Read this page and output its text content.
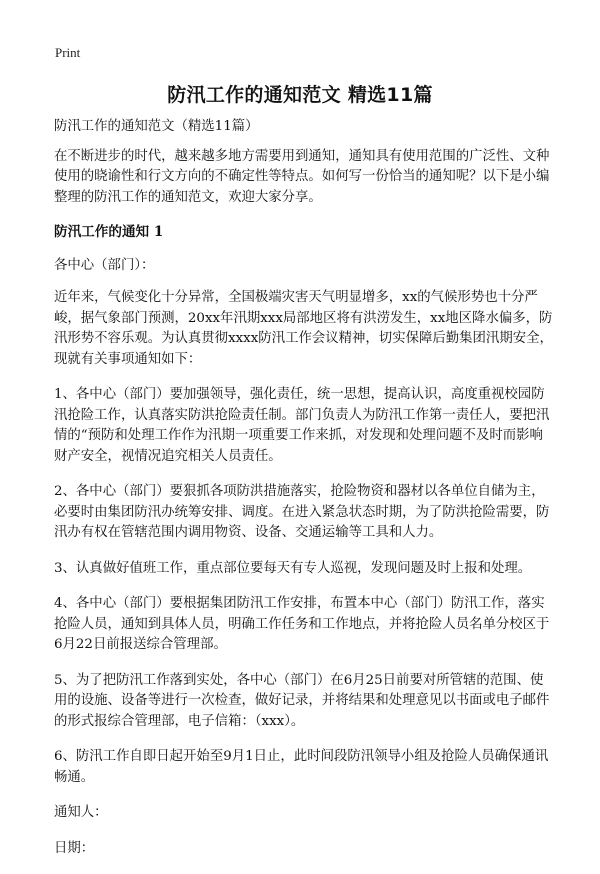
Print
防汛工作的通知范文 精选11篇

防汛工作的通知范文（精选11篇）

在不断进步的时代，越来越多地方需要用到通知，通知具有使用范围的广泛性、文种使用的晓谕性和行文方向的不确定性等特点。如何写一份恰当的通知呢？以下是小编整理的防汛工作的通知范文，欢迎大家分享。

防汛工作的通知 1

各中心（部门）：

近年来，气候变化十分异常，全国极端灾害天气明显增多，xx的气候形势也十分严峻，据气象部门预测，20xx年汛期xxx局部地区将有洪涝发生，xx地区降水偏多，防汛形势不容乐观。为认真贯彻xxxx防汛工作会议精神，切实保障后勤集团汛期安全，现就有关事项通知如下：

1、各中心（部门）要加强领导，强化责任，统一思想，提高认识，高度重视校园防汛抢险工作，认真落实防洪抢险责任制。部门负责人为防汛工作第一责任人，要把汛情的“预防和处理工作作为汛期一项重要工作来抓，对发现和处理问题不及时而影响财产安全，视情况追究相关人员责任。

2、各中心（部门）要狠抓各项防洪措施落实，抢险物资和器材以各单位自储为主，必要时由集团防汛办统筹安排、调度。在进入紧急状态时期，为了防洪抢险需要，防汛办有权在管辖范围内调用物资、设备、交通运输等工具和人力。

3、认真做好值班工作，重点部位要每天有专人巡视，发现问题及时上报和处理。

4、各中心（部门）要根据集团防汛工作安排，布置本中心（部门）防汛工作，落实抢险人员，通知到具体人员，明确工作任务和工作地点，并将抢险人员名单分校区于6月22日前报送综合管理部。

5、为了把防汛工作落到实处，各中心（部门）在6月25日前要对所管辖的范围、使用的设施、设备等进行一次检查，做好记录，并将结果和处理意见以书面或电子邮件的形式报综合管理部，电子信箱：（xxx）。

6、防汛工作自即日起开始至9月1日止，此时间段防汛领导小组及抢险人员确保通讯畅通。

通知人：

日期：
